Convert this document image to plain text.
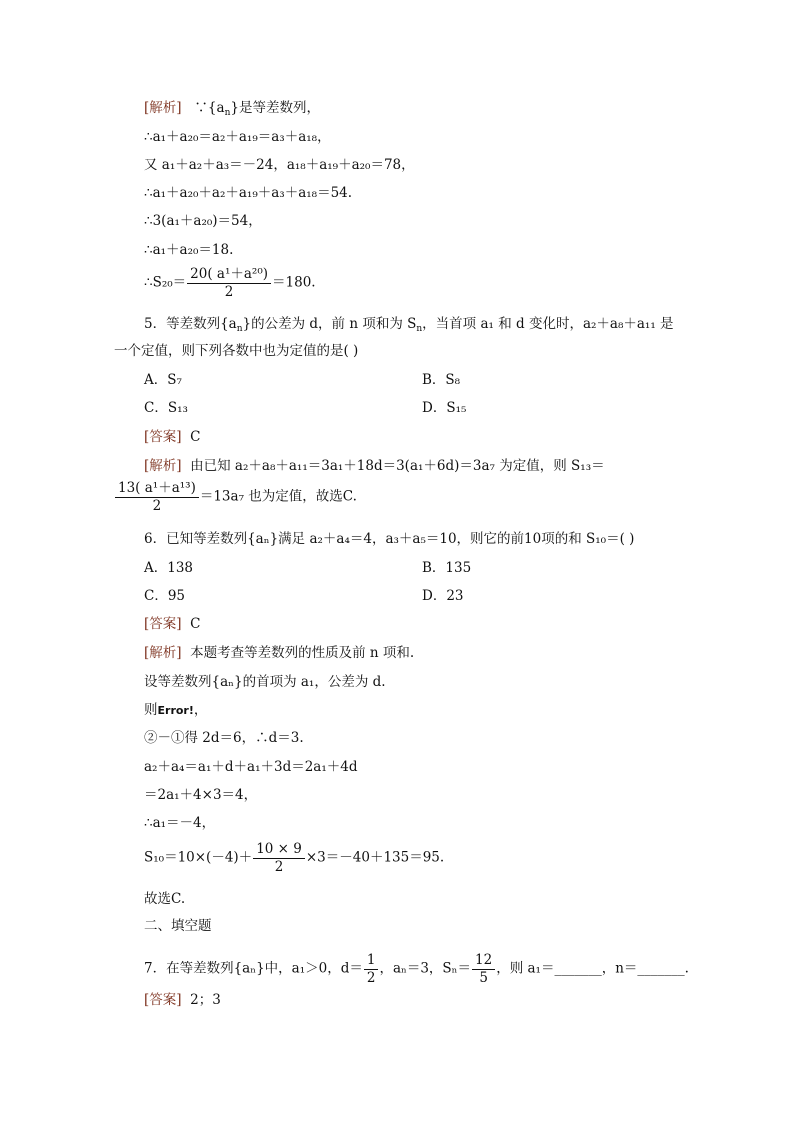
[解析] $\because\{a_n\}$是等差数列，
∴a₁＋a₂₀＝a₂＋a₁₉＝a₃＋a₁₈，
又 a₁＋a₂＋a₃＝－24，a₁₈＋a₁₉＋a₂₀＝78，
∴a₁＋a₂₀＋a₂＋a₁₉＋a₃＋a₁₈＝54.
∴3(a₁＋a₂₀)＝54，
∴a₁＋a₂₀＝18.
∴S₂₀＝ $\frac{\text{20( a¹＋a²⁰)}}{2} =180$.
5．等差数列$\{a_n\}$的公差为 d，前 n 项和为 $S_n$，当首项 a₁ 和 d 变化时，a₂＋a₈＋a₁₁ 是
一个定值，则下列各数中也为定值的是( )
A．S₇	B．S₈
C．S₁₃	D．S₁₅
[答案] C
[解析] 由已知 a₂＋a₈＋a₁₁＝3a₁＋18d＝3(a₁＋6d)＝3a₇ 为定值，则 S₁₃＝
$\frac{\text{13( a¹＋a¹³)}}{2} =13a_7$ 也为定值，故选C.
6．已知等差数列{aₙ}满足 a₂＋a₄＝4，a₃＋a₅＝10，则它的前10项的和 S₁₀＝( )
A．138	B．135
C．95	D．23
[答案] C
[解析] 本题考查等差数列的性质及前 n 项和.
设等差数列{aₙ}的首项为 a₁，公差为 d.
则Error!，
②－①得 2d＝6，∴d＝3.
a₂＋a₄＝a₁＋d＋a₁＋3d＝2a₁＋4d
＝2a₁＋4×3＝4，
∴a₁＝－4，
$S_{10}=10\times(-4)+ \frac{10 \times 9}{2} \times 3=-40+135=95$.
故选C.
二、填空题
7．在等差数列{aₙ}中，a₁＞0，$d= \frac{1}{2}$ ，aₙ＝3，$S_n= \frac{12}{5}$ ，则 a₁＝_______，n＝_______.
[答案] 2；3
